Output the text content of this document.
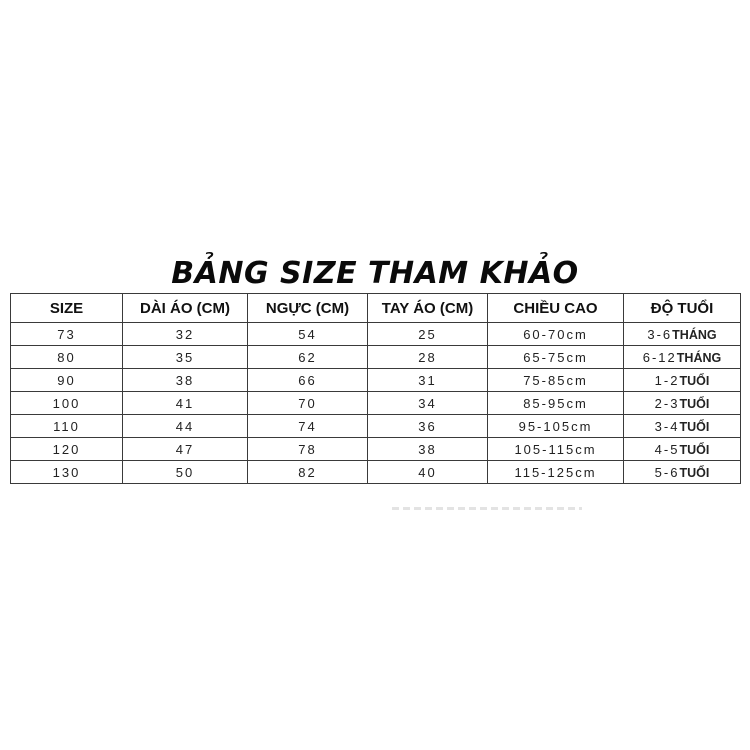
BẢNG SIZE THAM KHẢO
SIZE	DÀI ÁO (CM)	NGỰC (CM)	TAY ÁO (CM)	CHIỀU CAO	ĐỘ TUỔI
73	32	54	25	60-70cm	3-6THÁNG
80	35	62	28	65-75cm	6-12THÁNG
90	38	66	31	75-85cm	1-2TUỔI
100	41	70	34	85-95cm	2-3TUỔI
110	44	74	36	95-105cm	3-4TUỔI
120	47	78	38	105-115cm	4-5TUỔI
130	50	82	40	115-125cm	5-6TUỔI
